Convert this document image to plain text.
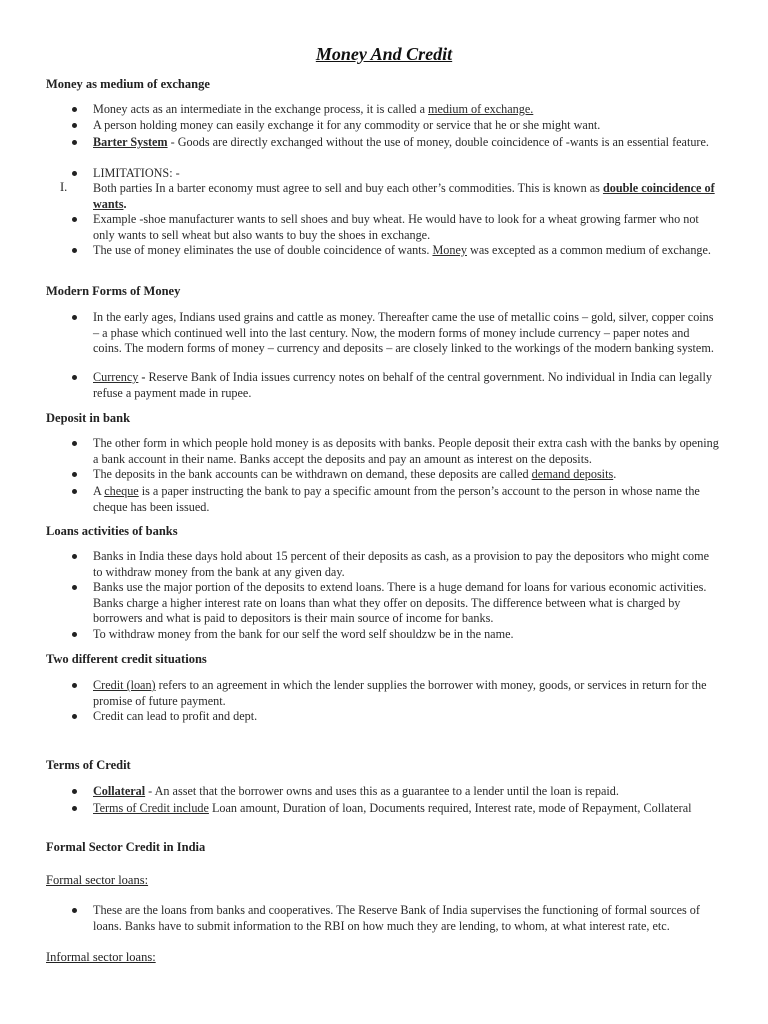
Money And Credit
Money as medium of exchange
Money acts as an intermediate in the exchange process, it is called a medium of exchange.
A person holding money can easily exchange it for any commodity or service that he or she might want.
Barter System - Goods are directly exchanged without the use of money, double coincidence of -wants is an essential feature.
LIMITATIONS: -
I. Both parties In a barter economy must agree to sell and buy each other’s commodities. This is known as double coincidence of wants.
Example -shoe manufacturer wants to sell shoes and buy wheat. He would have to look for a wheat growing farmer who not only wants to sell wheat but also wants to buy the shoes in exchange.
The use of money eliminates the use of double coincidence of wants. Money was excepted as a common medium of exchange.
Modern Forms of Money
In the early ages, Indians used grains and cattle as money. Thereafter came the use of metallic coins – gold, silver, copper coins – a phase which continued well into the last century. Now, the modern forms of money include currency – paper notes and coins. The modern forms of money – currency and deposits – are closely linked to the workings of the modern banking system.
Currency - Reserve Bank of India issues currency notes on behalf of the central government. No individual in India can legally refuse a payment made in rupee.
Deposit in bank
The other form in which people hold money is as deposits with banks. People deposit their extra cash with the banks by opening a bank account in their name. Banks accept the deposits and pay an amount as interest on the deposits.
The deposits in the bank accounts can be withdrawn on demand, these deposits are called demand deposits.
A cheque is a paper instructing the bank to pay a specific amount from the person’s account to the person in whose name the cheque has been issued.
Loans activities of banks
Banks in India these days hold about 15 percent of their deposits as cash, as a provision to pay the depositors who might come to withdraw money from the bank at any given day.
Banks use the major portion of the deposits to extend loans. There is a huge demand for loans for various economic activities. Banks charge a higher interest rate on loans than what they offer on deposits. The difference between what is charged by borrowers and what is paid to depositors is their main source of income for banks.
To withdraw money from the bank for our self the word self shouldzw be in the name.
Two different credit situations
Credit (loan) refers to an agreement in which the lender supplies the borrower with money, goods, or services in return for the promise of future payment.
Credit can lead to profit and dept.
Terms of Credit
Collateral - An asset that the borrower owns and uses this as a guarantee to a lender until the loan is repaid.
Terms of Credit include Loan amount, Duration of loan, Documents required, Interest rate, mode of Repayment, Collateral
Formal Sector Credit in India
Formal sector loans:
These are the loans from banks and cooperatives. The Reserve Bank of India supervises the functioning of formal sources of loans. Banks have to submit information to the RBI on how much they are lending, to whom, at what interest rate, etc.
Informal sector loans:
